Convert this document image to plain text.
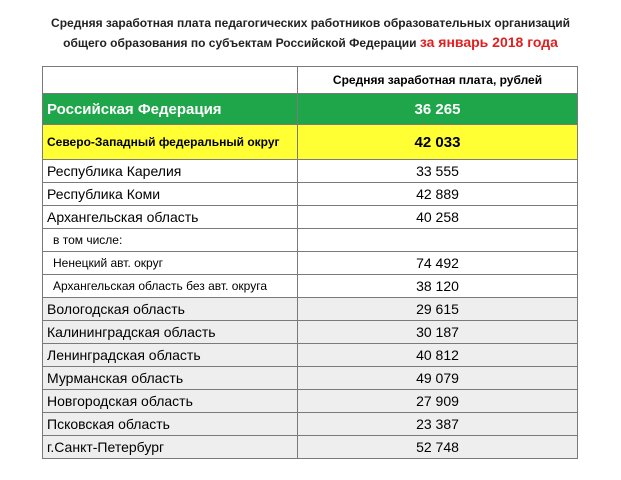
Средняя заработная плата педагогических работников образовательных организаций
общего образования по субъектам Российской Федерации за январь 2018 года
	Средняя заработная плата, рублей
Российская Федерация	36 265
Северо-Западный федеральный округ	42 033
Республика Карелия	33 555
Республика Коми	42 889
Архангельская область	40 258
в том числе:	
Ненецкий авт. округ	74 492
Архангельская область без авт. округа	38 120
Вологодская область	29 615
Калининградская область	30 187
Ленинградская область	40 812
Мурманская область	49 079
Новгородская область	27 909
Псковская область	23 387
г.Санкт-Петербург	52 748
